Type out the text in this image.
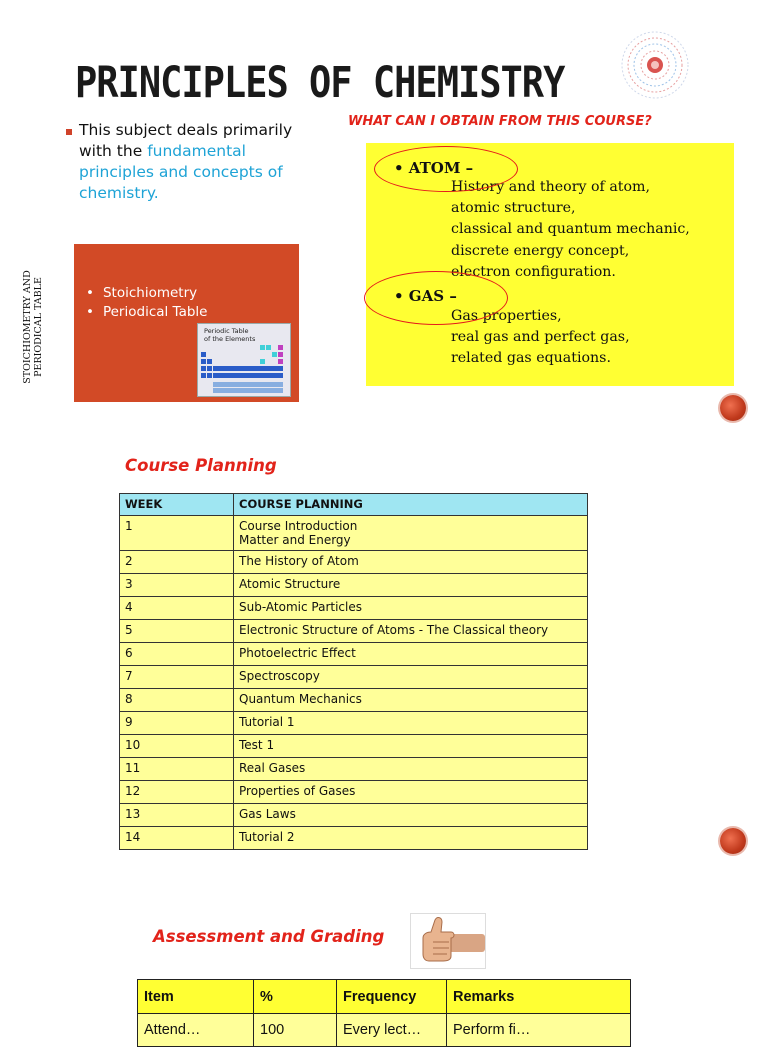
PRINCIPLES OF CHEMISTRY
This subject deals primarily with the fundamental principles and concepts of chemistry.
STOICHIOMETRY AND PERIODICAL TABLE	• Stoichiometry
• Periodical Table
Periodic Table
of the Elements
WHAT CAN I OBTAIN FROM THIS COURSE?
• ATOM –
History and theory of atom,
atomic structure,
classical and quantum mechanic,
discrete energy concept,
electron configuration.
• GAS –
Gas properties,
real gas and perfect gas,
related gas equations.
Course Planning
WEEK	COURSE PLANNING
1	Course Introduction
Matter and Energy

2	The History of Atom

3	Atomic Structure

4	Sub-Atomic Particles

5	Electronic Structure of Atoms - The Classical theory

6	Photoelectric Effect

7	Spectroscopy

8	Quantum Mechanics

9	Tutorial 1

10	Test 1

11	Real Gases

12	Properties of Gases

13	Gas Laws

14	Tutorial 2
Assessment and Grading
Item	%	Frequency	Remarks
Attend…	100	Every lect…	Perform fi…
